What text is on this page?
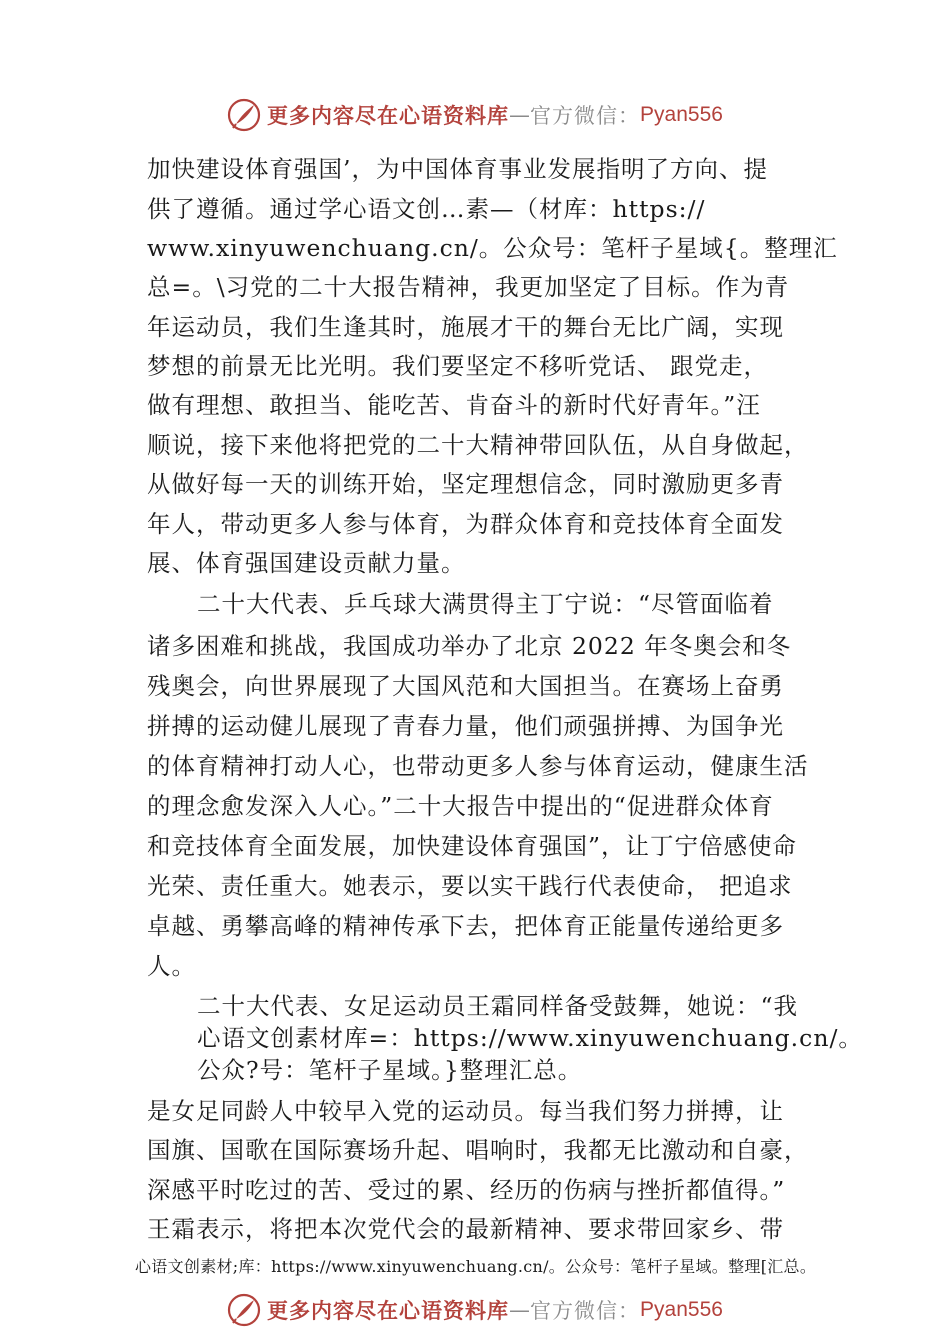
更多内容尽在心语资料库 — 官方微信： Pyan556
加快建设体育强国’，为中国体育事业发展指明了方向、提
供了遵循。通过学心语文创…素—（材库：https://
www.xinyuwenchuang.cn/。公众号：笔杆子星域{。整理汇
总=。\习党的二十大报告精神，我更加坚定了目标。作为青
年运动员，我们生逢其时，施展才干的舞台无比广阔，实现
梦想的前景无比光明。我们要坚定不移听党话、 跟党走，
做有理想、敢担当、能吃苦、肯奋斗的新时代好青年。”汪
顺说，接下来他将把党的二十大精神带回队伍，从自身做起，
从做好每一天的训练开始，坚定理想信念，同时激励更多青
年人，带动更多人参与体育，为群众体育和竞技体育全面发
展、体育强国建设贡献力量。
二十大代表、乒乓球大满贯得主丁宁说：“尽管面临着
诸多困难和挑战，我国成功举办了北京 2022 年冬奥会和冬
残奥会，向世界展现了大国风范和大国担当。在赛场上奋勇
拼搏的运动健儿展现了青春力量，他们顽强拼搏、为国争光
的体育精神打动人心，也带动更多人参与体育运动，健康生活
的理念愈发深入人心。”二十大报告中提出的“促进群众体育
和竞技体育全面发展，加快建设体育强国”，让丁宁倍感使命
光荣、责任重大。她表示，要以实干践行代表使命， 把追求
卓越、勇攀高峰的精神传承下去，把体育正能量传递给更多
人。
二十大代表、女足运动员王霜同样备受鼓舞，她说：“我
心语文创素材库=：https://www.xinyuwenchuang.cn/。
公众?号：笔杆子星域。}整理汇总。
是女足同龄人中较早入党的运动员。每当我们努力拼搏，让
国旗、国歌在国际赛场升起、唱响时，我都无比激动和自豪，
深感平时吃过的苦、受过的累、经历的伤病与挫折都值得。”
王霜表示，将把本次党代会的最新精神、要求带回家乡、带
心语文创素材;库：https://www.xinyuwenchuang.cn/。公众号：笔杆子星域。整理[汇总。
更多内容尽在心语资料库 — 官方微信： Pyan556
